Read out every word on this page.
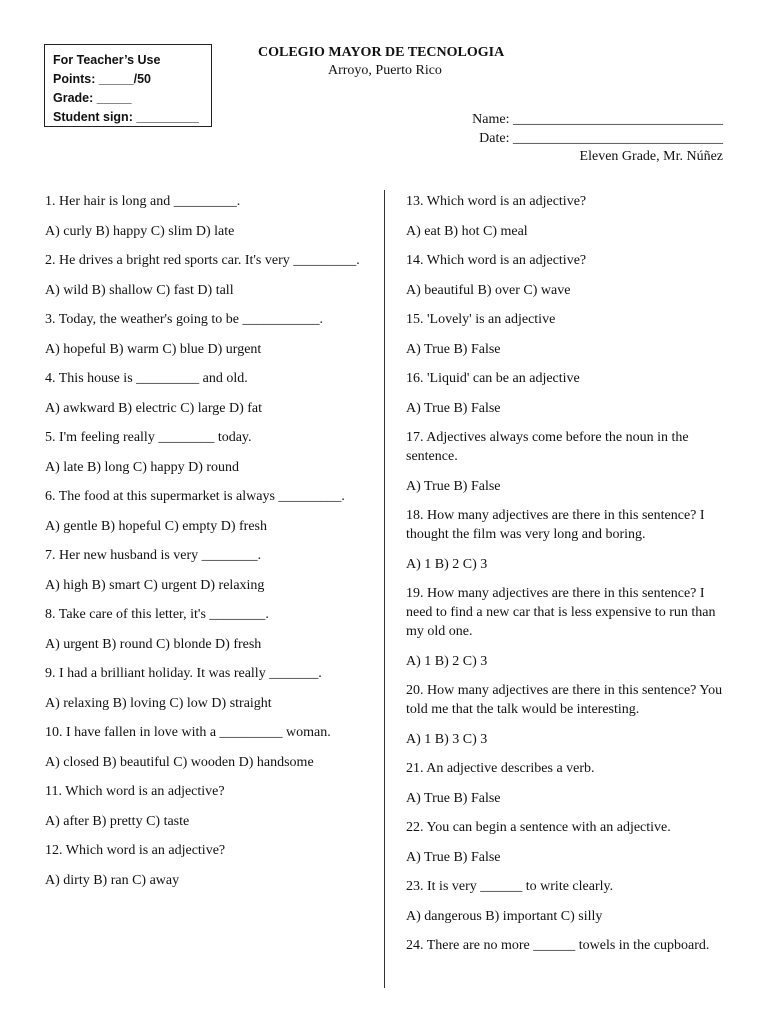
For Teacher’s Use
Points: _____/50
Grade: _____
Student sign: _________
COLEGIO MAYOR DE TECNOLOGIA
Arroyo, Puerto Rico
Name: ______________________________
Date: ______________________________
Eleven Grade, Mr. Núñez

1. Her hair is long and _________.

A) curly B) happy C) slim D) late

2. He drives a bright red sports car. It's very _________.

A) wild B) shallow C) fast D) tall

3. Today, the weather's going to be ___________.

A) hopeful B) warm C) blue D) urgent

4. This house is _________ and old.

A) awkward B) electric C) large D) fat

5. I'm feeling really ________ today.

A) late B) long C) happy D) round

6. The food at this supermarket is always _________.

A) gentle B) hopeful C) empty D) fresh

7. Her new husband is very ________.

A) high B) smart C) urgent D) relaxing

8. Take care of this letter, it's ________.

A) urgent B) round C) blonde D) fresh

9. I had a brilliant holiday. It was really _______.

A) relaxing B) loving C) low D) straight

10. I have fallen in love with a _________ woman.

A) closed B) beautiful C) wooden D) handsome

11. Which word is an adjective?

A) after B) pretty C) taste

12. Which word is an adjective?

A) dirty B) ran C) away

13. Which word is an adjective?

A) eat B) hot C) meal

14. Which word is an adjective?

A) beautiful B) over C) wave

15. 'Lovely' is an adjective

A) True B) False

16. 'Liquid' can be an adjective

A) True B) False

17. Adjectives always come before the noun in the sentence.

A) True B) False

18. How many adjectives are there in this sentence? I thought the film was very long and boring.

A) 1 B) 2 C) 3

19. How many adjectives are there in this sentence? I need to find a new car that is less expensive to run than my old one.

A) 1 B) 2 C) 3

20. How many adjectives are there in this sentence? You told me that the talk would be interesting.

A) 1 B) 3 C) 3

21. An adjective describes a verb.

A) True B) False

22. You can begin a sentence with an adjective.

A) True B) False

23. It is very ______ to write clearly.

A) dangerous B) important C) silly

24. There are no more ______ towels in the cupboard.
